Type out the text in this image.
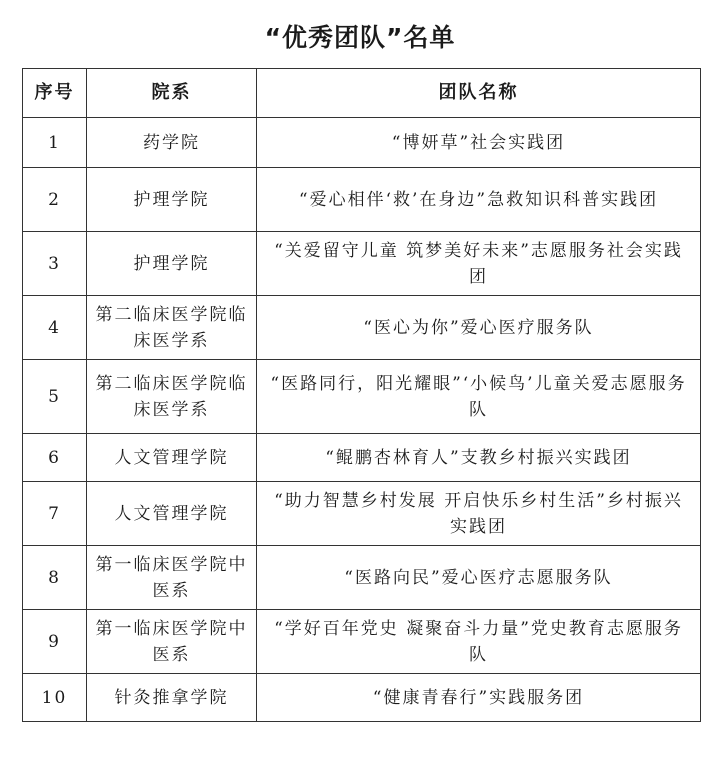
“优秀团队”名单
序号	院系	团队名称
1	药学院	“博妍草”社会实践团
2	护理学院	“爱心相伴‘救’在身边”急救知识科普实践团
3	护理学院	“关爱留守儿童 筑梦美好未来”志愿服务社会实践团
4	第二临床医学院临床医学系	“医心为你”爱心医疗服务队
5	第二临床医学院临床医学系	“医路同行，阳光耀眼”‘小候鸟’儿童关爱志愿服务队
6	人文管理学院	“鲲鹏杏林育人”支教乡村振兴实践团
7	人文管理学院	“助力智慧乡村发展 开启快乐乡村生活”乡村振兴实践团
8	第一临床医学院中医系	“医路向民”爱心医疗志愿服务队
9	第一临床医学院中医系	“学好百年党史 凝聚奋斗力量”党史教育志愿服务队
10	针灸推拿学院	“健康青春行”实践服务团
